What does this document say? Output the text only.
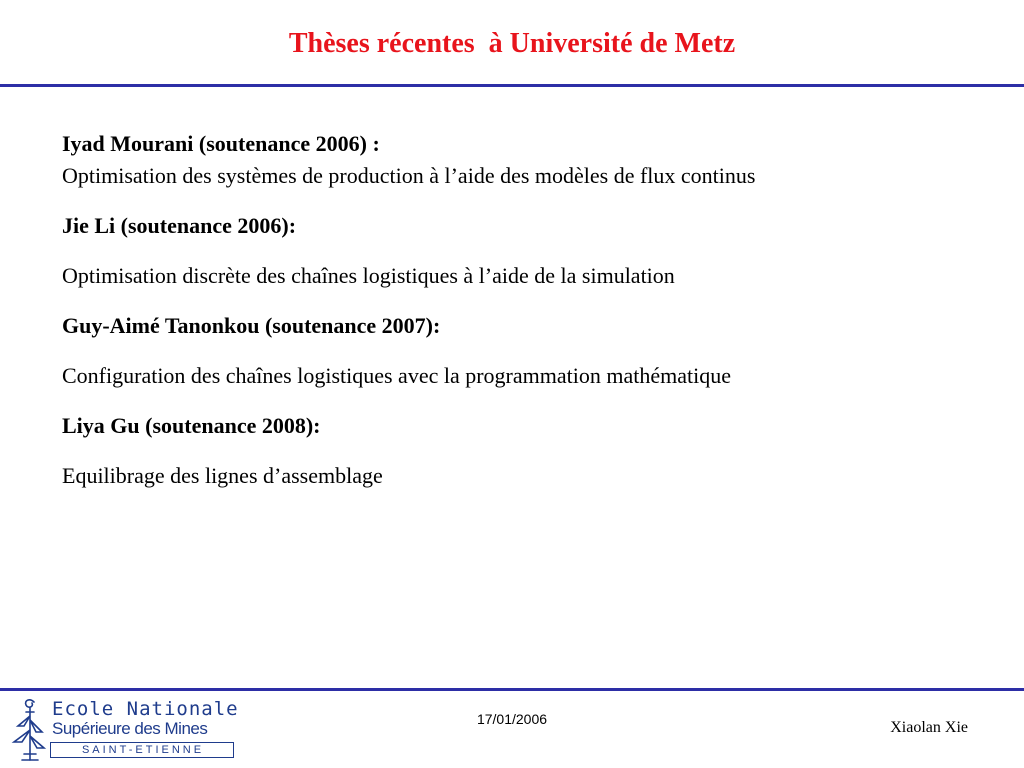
Thèses récentes  à Université de Metz
Iyad Mourani (soutenance 2006) :
Optimisation des systèmes de production à l’aide des modèles de flux continus
Jie Li (soutenance 2006):
Optimisation discrète des chaînes logistiques à l’aide de la simulation
Guy-Aimé Tanonkou (soutenance 2007):
Configuration des chaînes logistiques avec la programmation mathématique
Liya Gu (soutenance 2008):
Equilibrage des lignes d’assemblage
Ecole Nationale
Supérieure des Mines
SAINT-ETIENNE
17/01/2006	Xiaolan Xie
